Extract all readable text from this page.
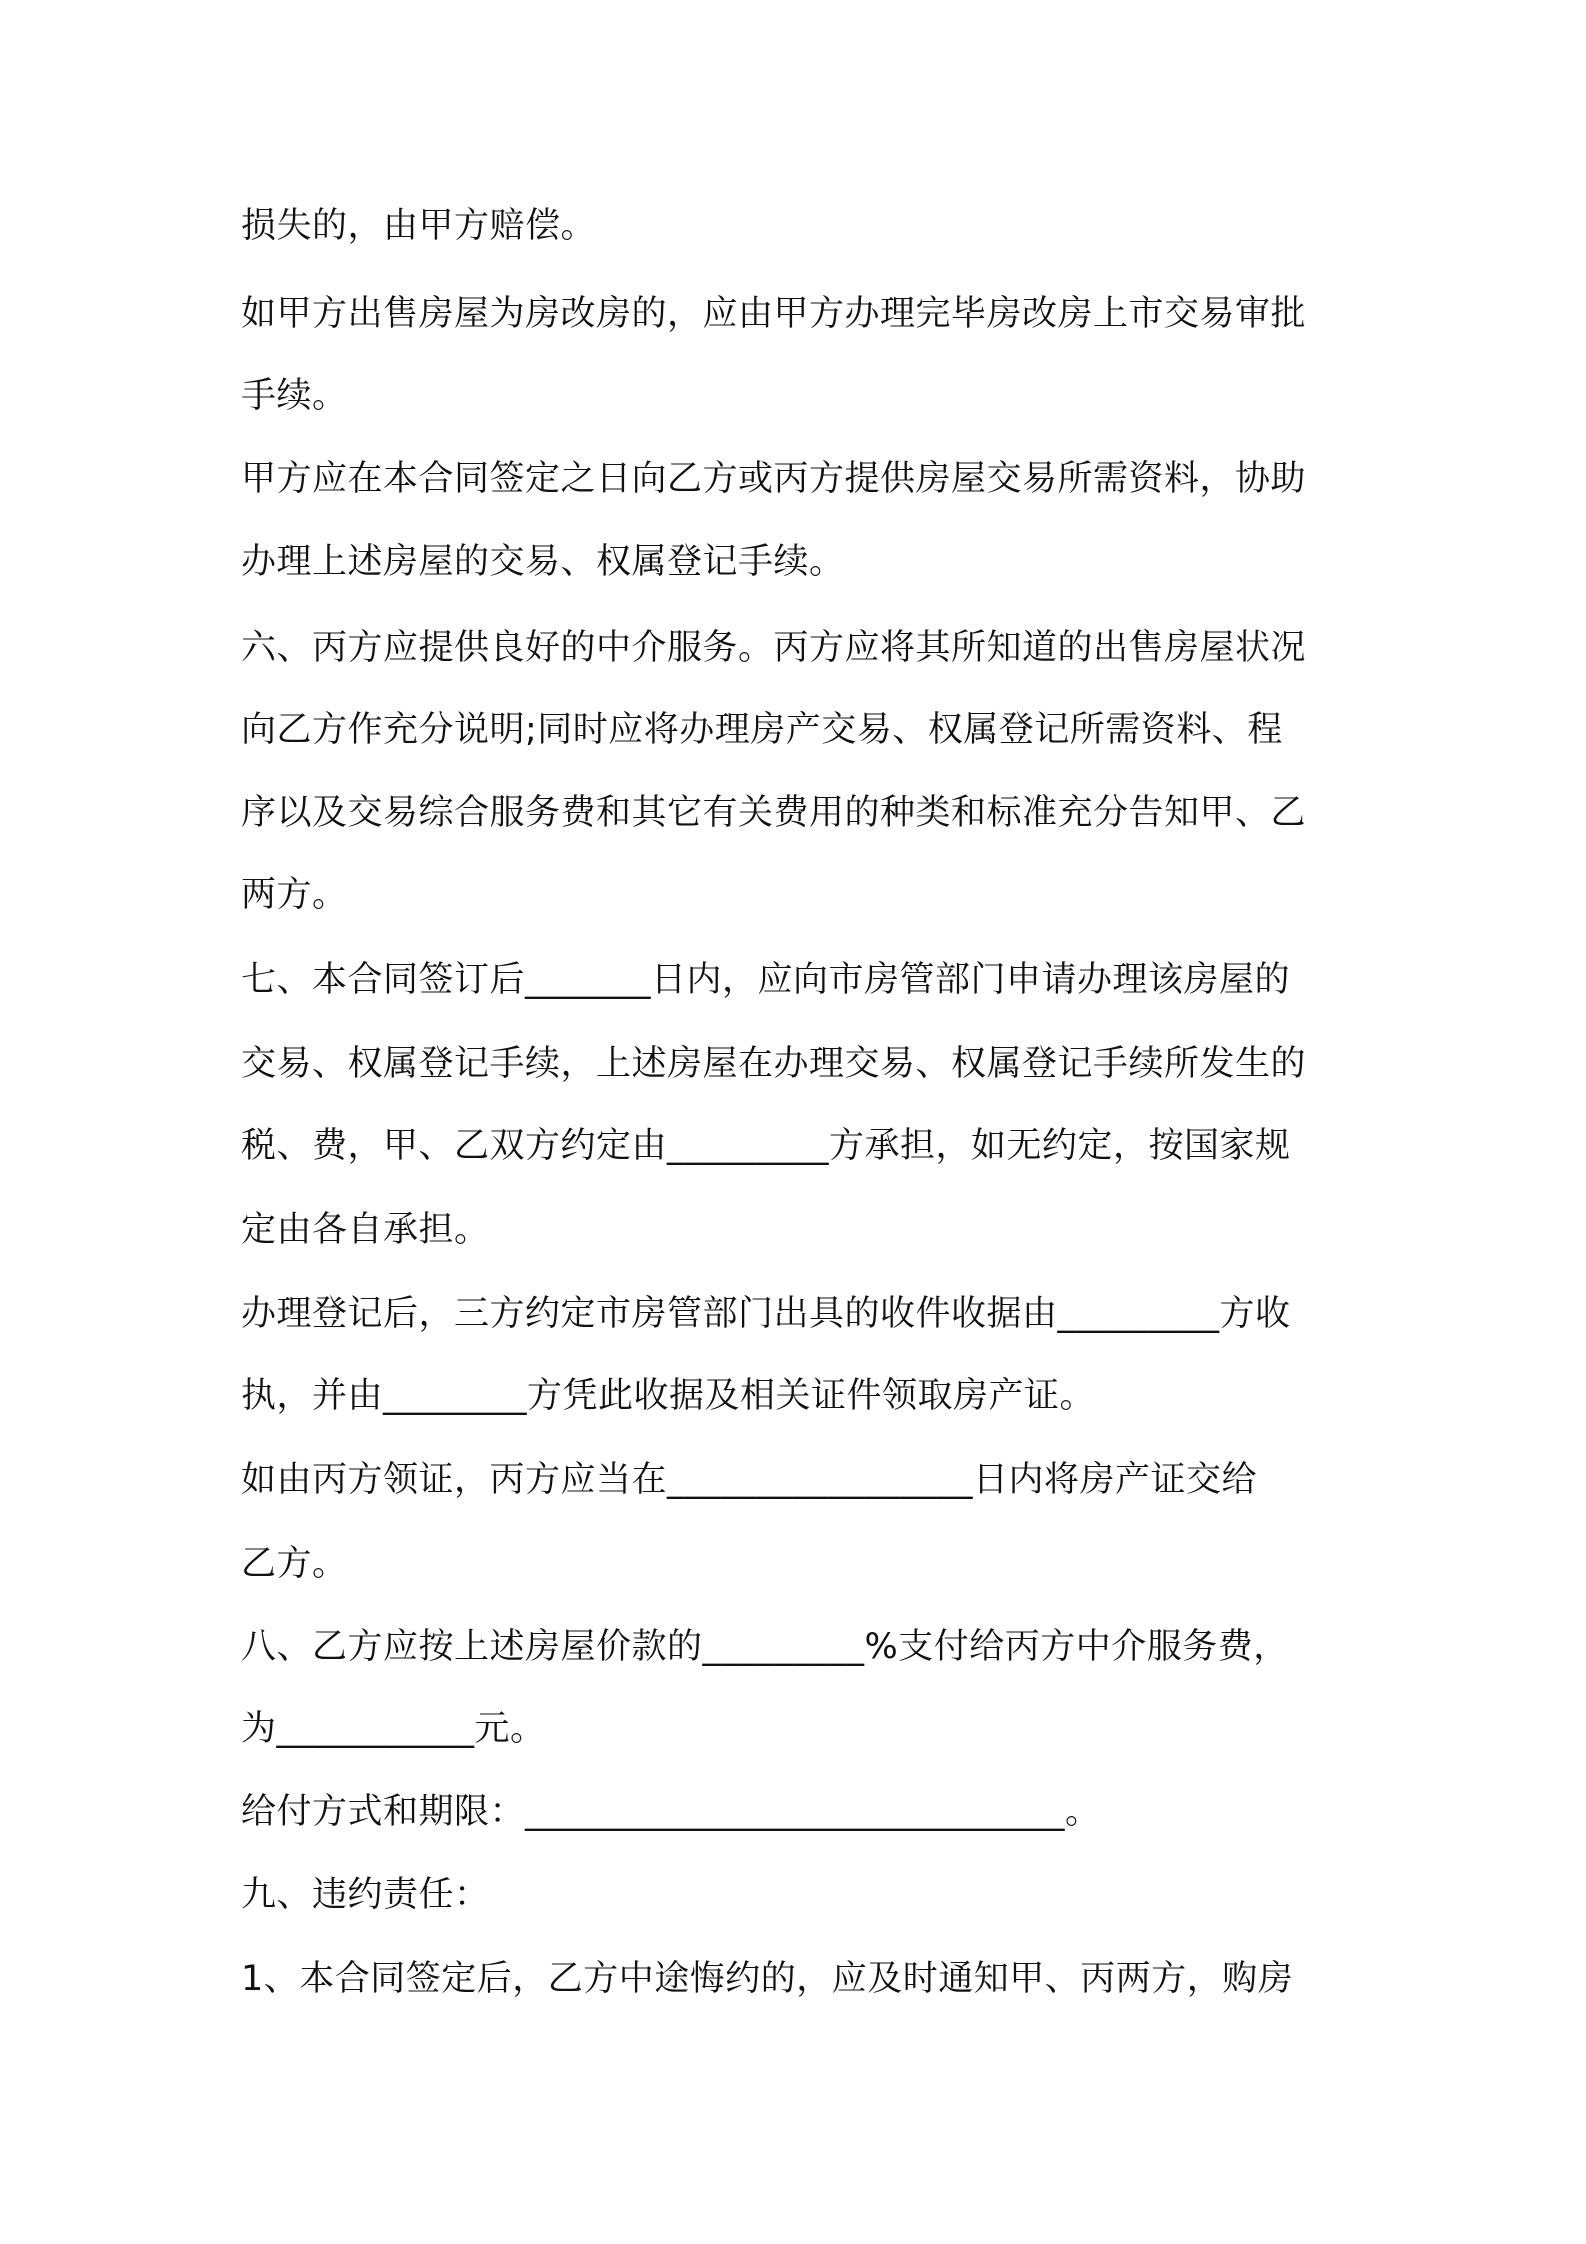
损失的，由甲方赔偿。
如甲方出售房屋为房改房的，应由甲方办理完毕房改房上市交易审批
手续。
甲方应在本合同签定之日向乙方或丙方提供房屋交易所需资料，协助
办理上述房屋的交易、权属登记手续。
六、丙方应提供良好的中介服务。丙方应将其所知道的出售房屋状况
向乙方作充分说明;同时应将办理房产交易、权属登记所需资料、程
序以及交易综合服务费和其它有关费用的种类和标准充分告知甲、乙
两方。
七、本合同签订后_______日内，应向市房管部门申请办理该房屋的
交易、权属登记手续，上述房屋在办理交易、权属登记手续所发生的
税、费，甲、乙双方约定由_________方承担，如无约定，按国家规
定由各自承担。
办理登记后，三方约定市房管部门出具的收件收据由_________方收
执，并由________方凭此收据及相关证件领取房产证。
如由丙方领证，丙方应当在_________________日内将房产证交给
乙方。
八、乙方应按上述房屋价款的_________%支付给丙方中介服务费，
为___________元。
给付方式和期限：______________________________。
九、违约责任：
1、本合同签定后，乙方中途悔约的，应及时通知甲、丙两方，购房
